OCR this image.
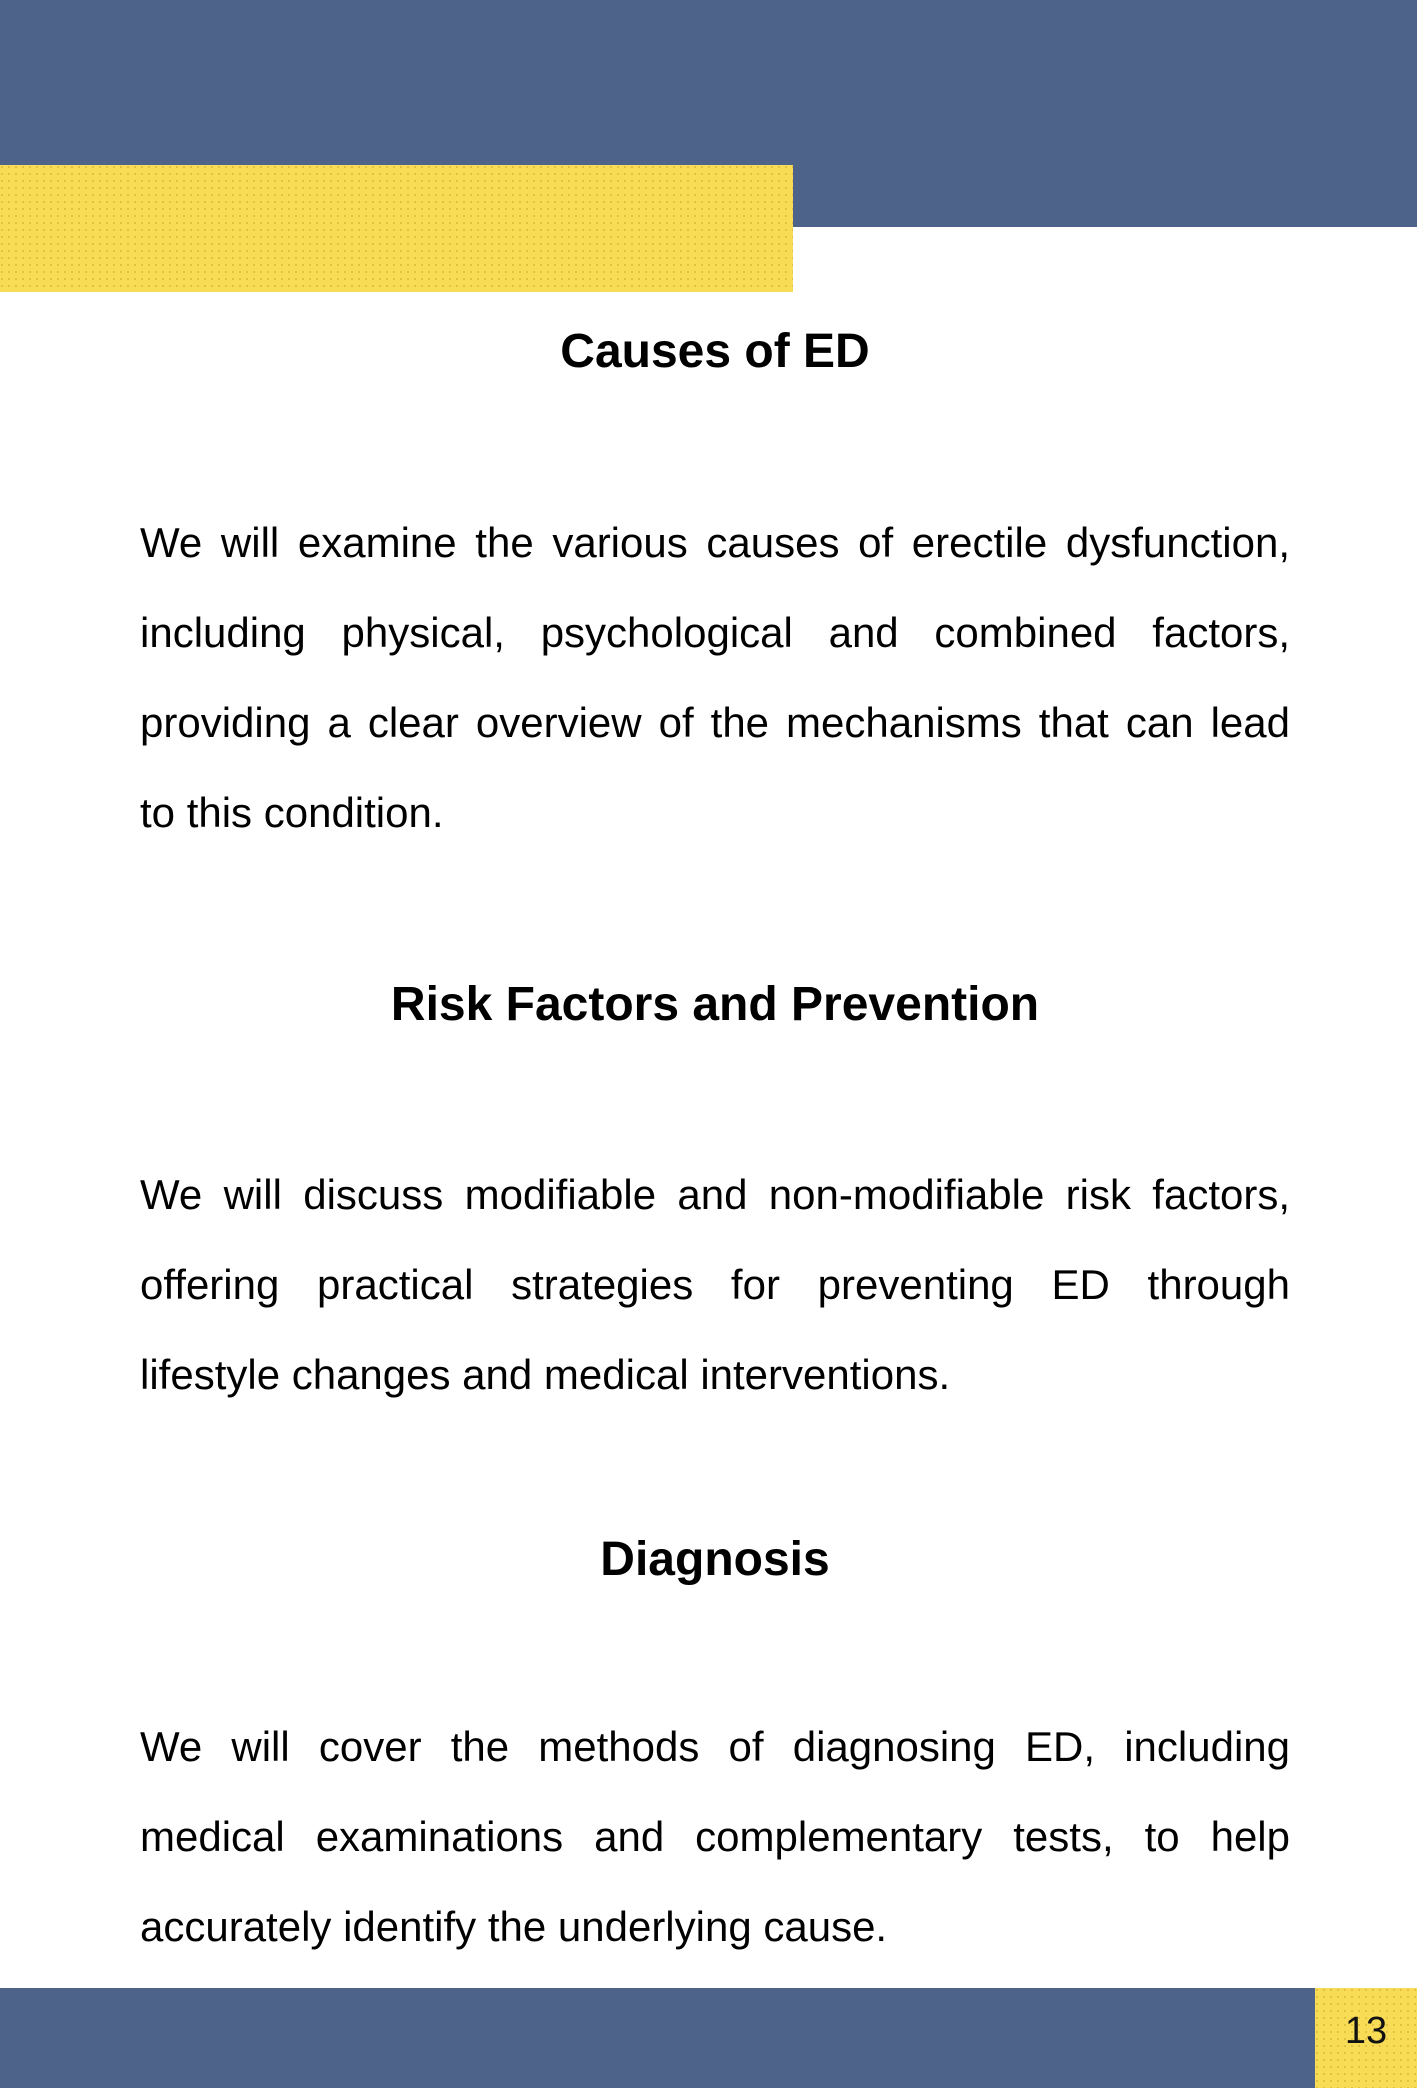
Causes of ED
We will examine the various causes of erectile dysfunction,
including physical, psychological and combined factors,
providing a clear overview of the mechanisms that can lead
to this condition.
Risk Factors and Prevention
We will discuss modifiable and non-modifiable risk factors,
offering practical strategies for preventing ED through
lifestyle changes and medical interventions.
Diagnosis
We will cover the methods of diagnosing ED, including
medical examinations and complementary tests, to help
accurately identify the underlying cause.
13
